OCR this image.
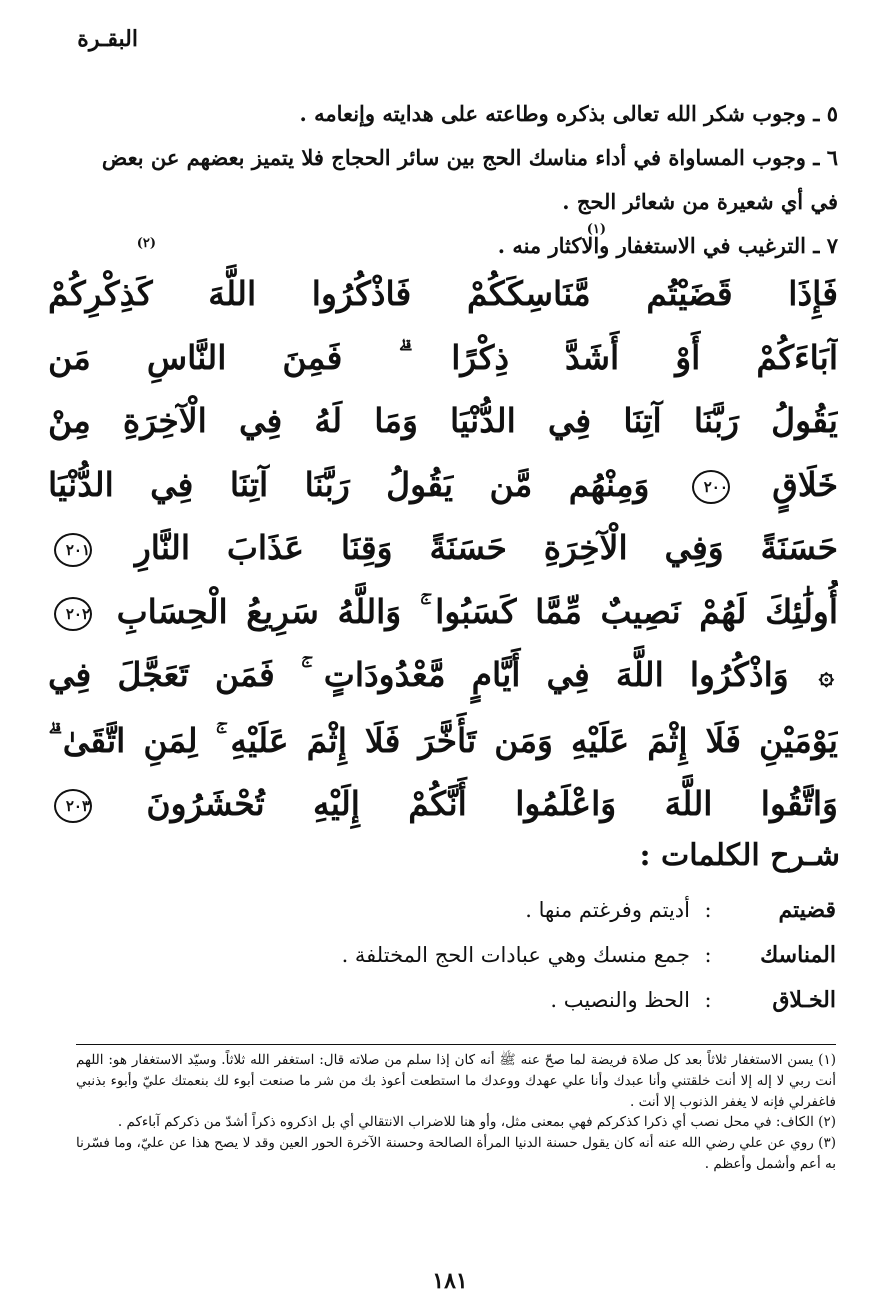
البقـرة
٥ ـ وجوب شكر الله تعالى بذكره وطاعته على هدايته وإنعامه .
٦ ـ وجوب المساواة في أداء مناسك الحج بين سائر الحجاج فلا يتميز بعضهم عن بعض
في أي شعيرة من شعائر الحج .
٧ ـ الترغيب في الاستغفار والاكثار منه .
(١)
(٢)
فَإِذَا قَضَيْتُم مَّنَاسِكَكُمْ فَاذْكُرُوا اللَّهَ كَذِكْرِكُمْ
آبَاءَكُمْ أَوْ أَشَدَّ ذِكْرًا ۗ فَمِنَ النَّاسِ مَن
يَقُولُ رَبَّنَا آتِنَا فِي الدُّنْيَا وَمَا لَهُ فِي الْآخِرَةِ مِنْ
خَلَاقٍ ٢٠٠ وَمِنْهُم مَّن يَقُولُ رَبَّنَا آتِنَا فِي الدُّنْيَا
حَسَنَةً وَفِي الْآخِرَةِ حَسَنَةً وَقِنَا عَذَابَ النَّارِ ٢٠١
أُولَٰئِكَ لَهُمْ نَصِيبٌ مِّمَّا كَسَبُوا ۚ وَاللَّهُ سَرِيعُ الْحِسَابِ ٢٠٢
۞ وَاذْكُرُوا اللَّهَ فِي أَيَّامٍ مَّعْدُودَاتٍ ۚ فَمَن تَعَجَّلَ فِي
يَوْمَيْنِ فَلَا إِثْمَ عَلَيْهِ وَمَن تَأَخَّرَ فَلَا إِثْمَ عَلَيْهِ ۚ لِمَنِ اتَّقَىٰ ۗ
وَاتَّقُوا اللَّهَ وَاعْلَمُوا أَنَّكُمْ إِلَيْهِ تُحْشَرُونَ ٢٠٣
شـرح الكلمات :
قضيتم
:
أديتم وفرغتم منها .
المناسك
:
جمع منسك وهي عبادات الحج المختلفة .
الخـلاق
:
الحظ والنصيب .

(١) يسن الاستغفار ثلاثاً بعد كل صلاة فريضة لما صحّ عنه ﷺ أنه كان إذا سلم من صلاته قال: استغفر الله ثلاثاً. وسيّد الاستغفار هو: اللهم أنت ربي لا إله إلا أنت خلقتني وأنا عبدك وأنا علي عهدك ووعدك ما استطعت أعوذ بك من شر ما صنعت أبوء لك بنعمتك عليّ وأبوء بذنبي فاغفرلي فإنه لا يغفر الذنوب إلا أنت .

(٢) الكاف: في محل نصب أي ذكرا كذكركم فهي بمعنى مثل، وأو هنا للاضراب الانتقالي أي بل اذكروه ذكراً أشدّ من ذكركم آباءكم .

(٣) روي عن علي رضي الله عنه أنه كان يقول حسنة الدنيا المرأة الصالحة وحسنة الآخرة الحور العين وقد لا يصح هذا عن عليّ، وما فسّرنا به أعم وأشمل وأعظم .

١٨١
